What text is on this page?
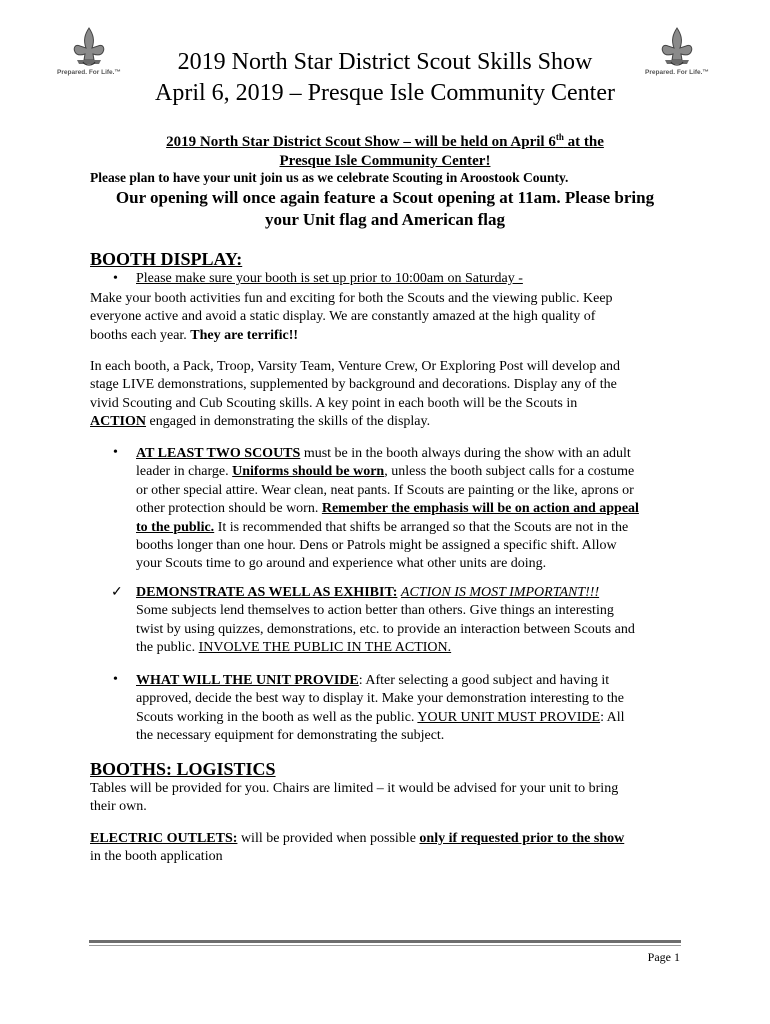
Prepared. For Life.™	Prepared. For Life.™
2019 North Star District Scout Skills Show
April 6, 2019 – Presque Isle Community Center
2019 North Star District Scout Show – will be held on April 6th at the
Presque Isle Community Center!
Please plan to have your unit join us as we celebrate Scouting in Aroostook County.
Our opening will once again feature a Scout opening at 11am. Please bring
your Unit flag and American flag
BOOTH DISPLAY:
• Please make sure your booth is set up prior to 10:00am on Saturday -
Make your booth activities fun and exciting for both the Scouts and the viewing public. Keep
everyone active and avoid a static display. We are constantly amazed at the high quality of
booths each year. They are terrific!!
In each booth, a Pack, Troop, Varsity Team, Venture Crew, Or Exploring Post will develop and
stage LIVE demonstrations, supplemented by background and decorations. Display any of the
vivid Scouting and Cub Scouting skills. A key point in each booth will be the Scouts in
ACTION engaged in demonstrating the skills of the display.
• AT LEAST TWO SCOUTS must be in the booth always during the show with an adult
leader in charge. Uniforms should be worn, unless the booth subject calls for a costume
or other special attire. Wear clean, neat pants. If Scouts are painting or the like, aprons or
other protection should be worn. Remember the emphasis will be on action and appeal
to the public. It is recommended that shifts be arranged so that the Scouts are not in the
booths longer than one hour. Dens or Patrols might be assigned a specific shift. Allow
your Scouts time to go around and experience what other units are doing.
✓ DEMONSTRATE AS WELL AS EXHIBIT: ACTION IS MOST IMPORTANT!!!
Some subjects lend themselves to action better than others. Give things an interesting
twist by using quizzes, demonstrations, etc. to provide an interaction between Scouts and
the public. INVOLVE THE PUBLIC IN THE ACTION.
• WHAT WILL THE UNIT PROVIDE: After selecting a good subject and having it
approved, decide the best way to display it. Make your demonstration interesting to the
Scouts working in the booth as well as the public. YOUR UNIT MUST PROVIDE: All
the necessary equipment for demonstrating the subject.
BOOTHS: LOGISTICS
Tables will be provided for you. Chairs are limited – it would be advised for your unit to bring
their own.
ELECTRIC OUTLETS: will be provided when possible only if requested prior to the show
in the booth application
Page 1
